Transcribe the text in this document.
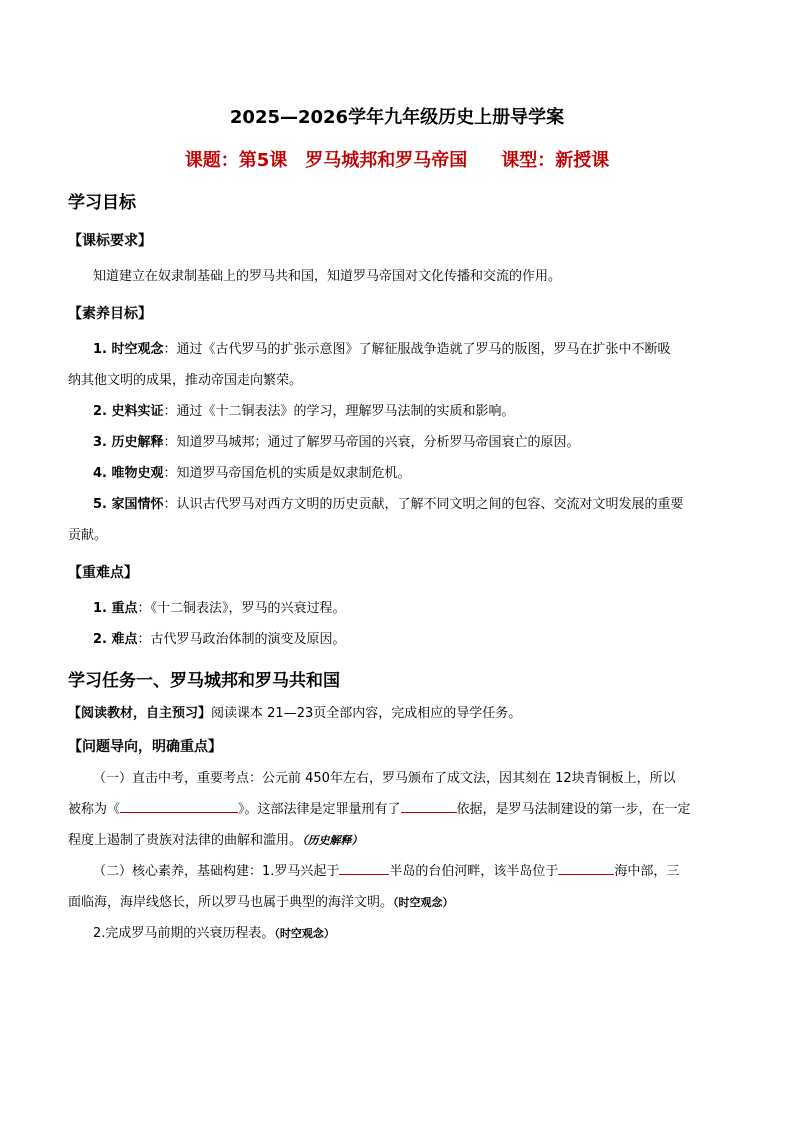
2025—2026学年九年级历史上册导学案
课题：第5课　罗马城邦和罗马帝国 课型：新授课
学习目标
【课标要求】
知道建立在奴隶制基础上的罗马共和国，知道罗马帝国对文化传播和交流的作用。
【素养目标】
1. 时空观念：通过《古代罗马的扩张示意图》了解征服战争造就了罗马的版图，罗马在扩张中不断吸
纳其他文明的成果，推动帝国走向繁荣。
2. 史料实证：通过《十二铜表法》的学习，理解罗马法制的实质和影响。
3. 历史解释：知道罗马城邦；通过了解罗马帝国的兴衰，分析罗马帝国衰亡的原因。
4. 唯物史观：知道罗马帝国危机的实质是奴隶制危机。
5. 家国情怀：认识古代罗马对西方文明的历史贡献，了解不同文明之间的包容、交流对文明发展的重要
贡献。
【重难点】
1. 重点：《十二铜表法》，罗马的兴衰过程。
2. 难点：古代罗马政治体制的演变及原因。
学习任务一、罗马城邦和罗马共和国
【阅读教材，自主预习】阅读课本 21—23页全部内容，完成相应的导学任务。
【问题导向，明确重点】
（一）直击中考，重要考点：公元前 450年左右，罗马颁布了成文法，因其刻在 12块青铜板上，所以
被称为《	》。这部法律是定罪量刑有了	依据，是罗马法制建设的第一步，在一定
程度上遏制了贵族对法律的曲解和滥用。（历史解释）
（二）核心素养，基础构建：1.罗马兴起于	半岛的台伯河畔，该半岛位于	海中部，三
面临海，海岸线悠长，所以罗马也属于典型的海洋文明。（时空观念）
2.完成罗马前期的兴衰历程表。（时空观念）
